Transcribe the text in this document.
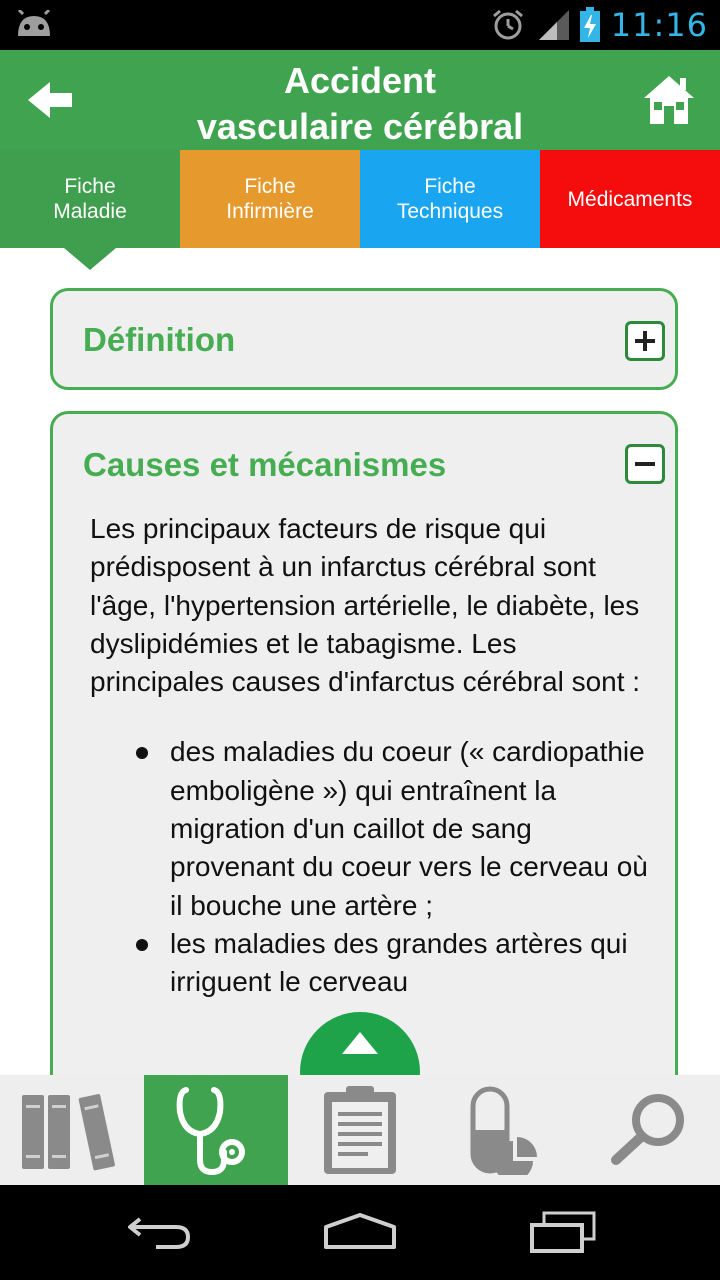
11:16
Accident
vasculaire cérébral
Fiche
Maladie
Fiche
Infirmière
Fiche
Techniques
Médicaments
Définition
Causes et mécanismes

Les principaux facteurs de risque qui prédisposent à un infarctus cérébral sont l'âge, l'hypertension artérielle, le diabète, les dyslipidémies et le tabagisme. Les principales causes d'infarctus cérébral sont :

des maladies du coeur (« cardiopathie emboligène ») qui entraînent la migration d'un caillot de sang provenant du coeur vers le cerveau où il bouche une artère ;
les maladies des grandes artères qui irriguent le cerveau
